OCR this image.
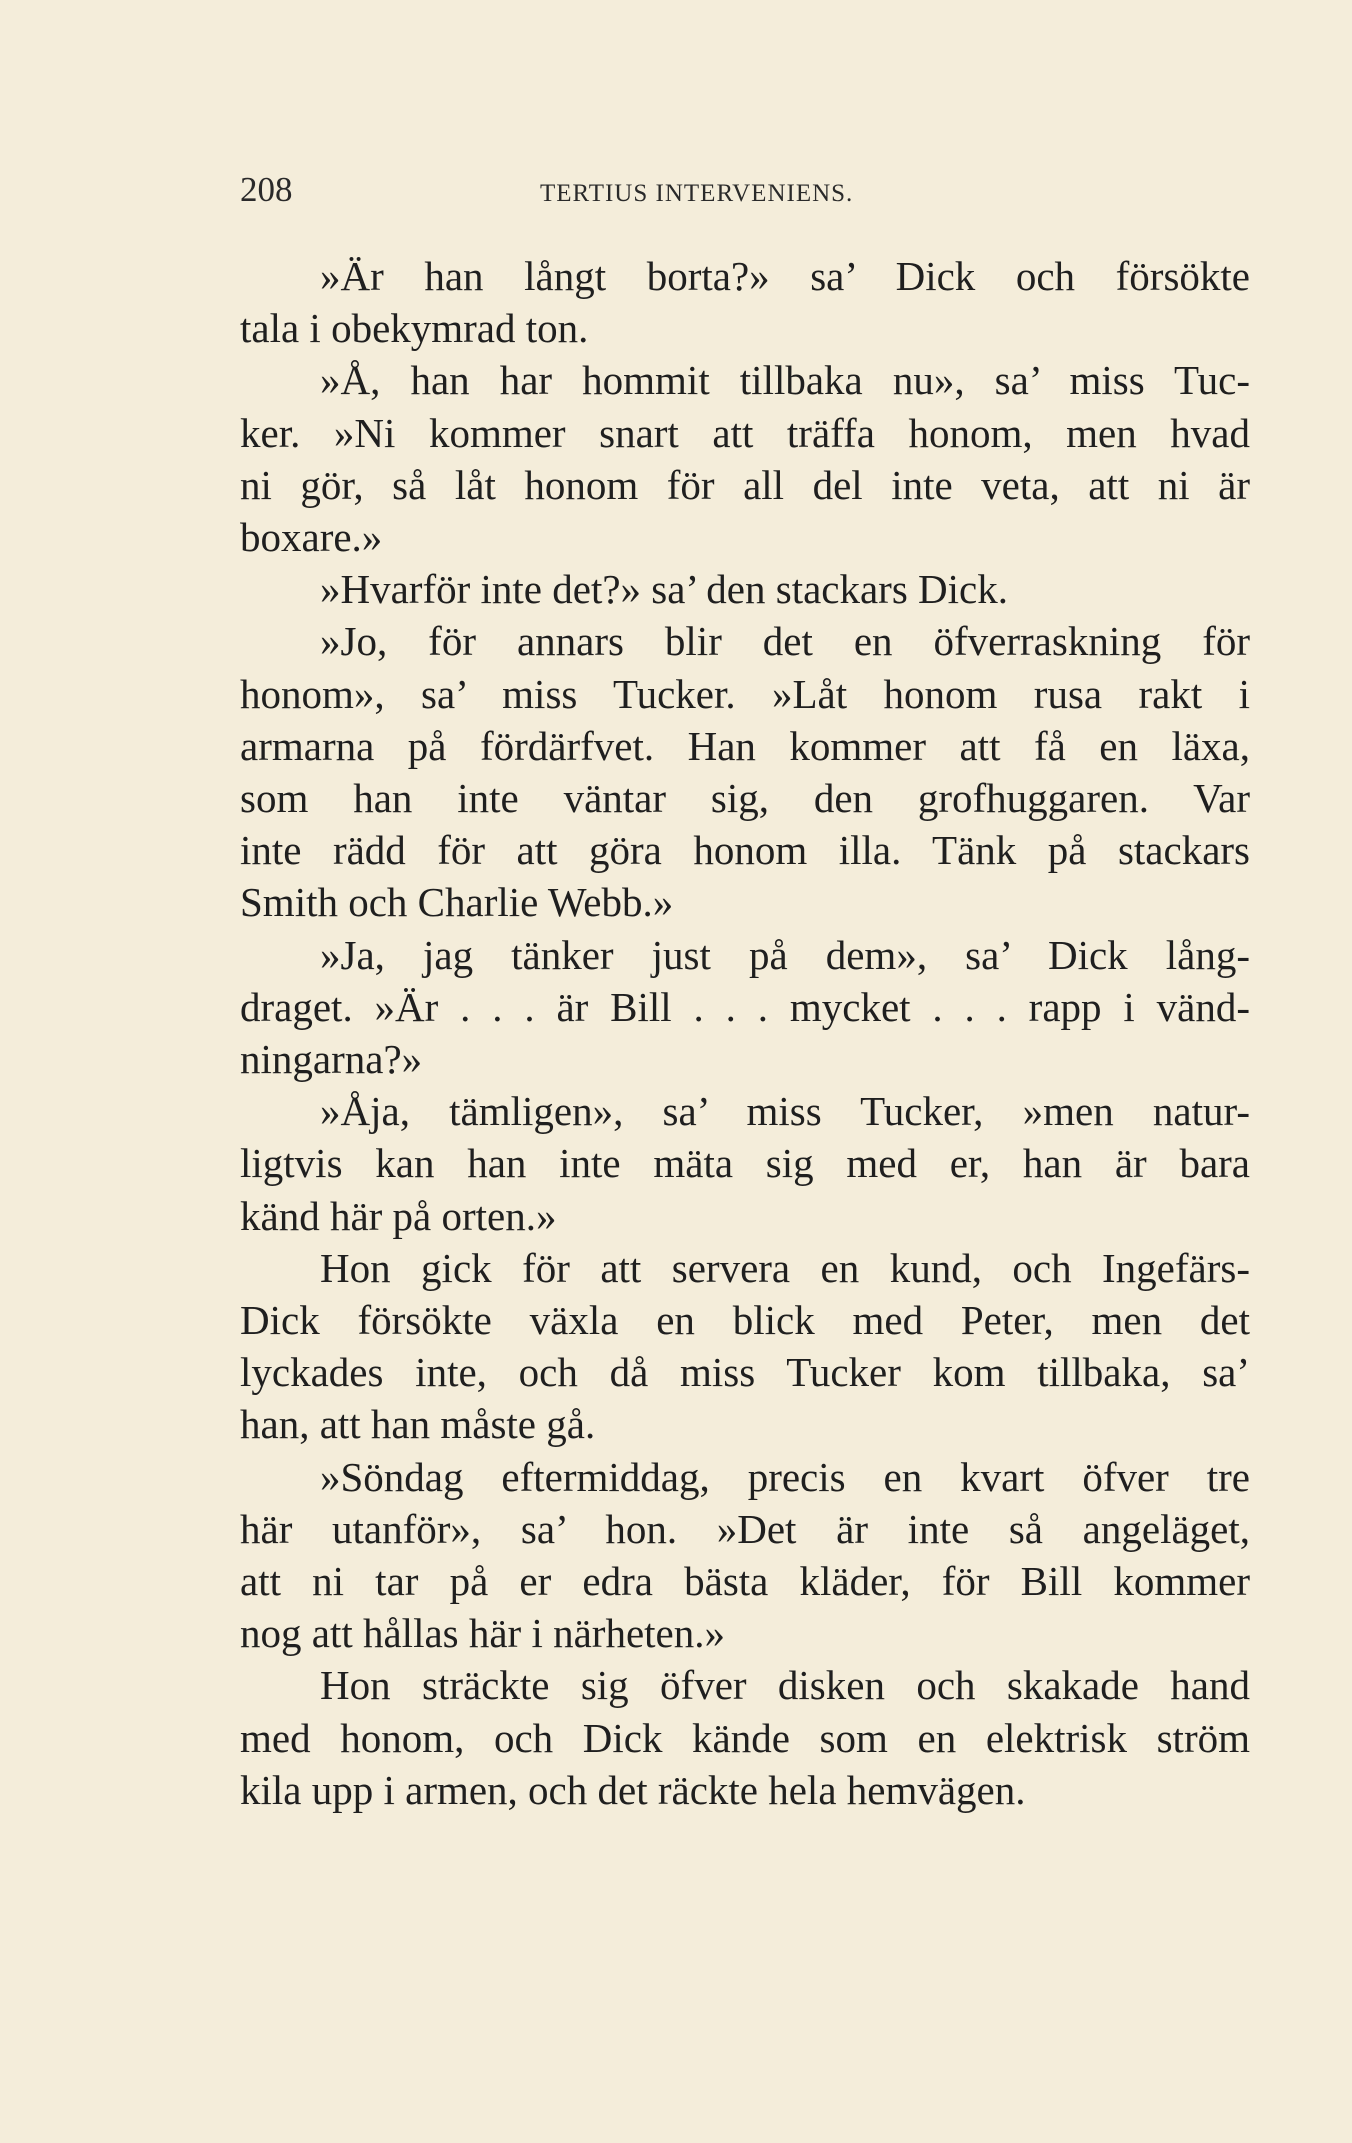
208	TERTIUS INTERVENIENS.
»Är han långt borta?» sa’ Dick och försökte
tala i obekymrad ton.
»Å, han har hommit tillbaka nu», sa’ miss Tuc-
ker. »Ni kommer snart att träffa honom, men hvad
ni gör, så låt honom för all del inte veta, att ni är
boxare.»
»Hvarför inte det?» sa’ den stackars Dick.
»Jo, för annars blir det en öfverraskning för
honom», sa’ miss Tucker. »Låt honom rusa rakt i
armarna på fördärfvet. Han kommer att få en läxa,
som han inte väntar sig, den grofhuggaren. Var
inte rädd för att göra honom illa. Tänk på stackars
Smith och Charlie Webb.»
»Ja, jag tänker just på dem», sa’ Dick lång-
draget. »Är . . . är Bill . . . mycket . . . rapp i vänd-
ningarna?»
»Åja, tämligen», sa’ miss Tucker, »men natur-
ligtvis kan han inte mäta sig med er, han är bara
känd här på orten.»
Hon gick för att servera en kund, och Ingefärs-
Dick försökte växla en blick med Peter, men det
lyckades inte, och då miss Tucker kom tillbaka, sa’
han, att han måste gå.
»Söndag eftermiddag, precis en kvart öfver tre
här utanför», sa’ hon. »Det är inte så angeläget,
att ni tar på er edra bästa kläder, för Bill kommer
nog att hållas här i närheten.»
Hon sträckte sig öfver disken och skakade hand
med honom, och Dick kände som en elektrisk ström
kila upp i armen, och det räckte hela hemvägen.
